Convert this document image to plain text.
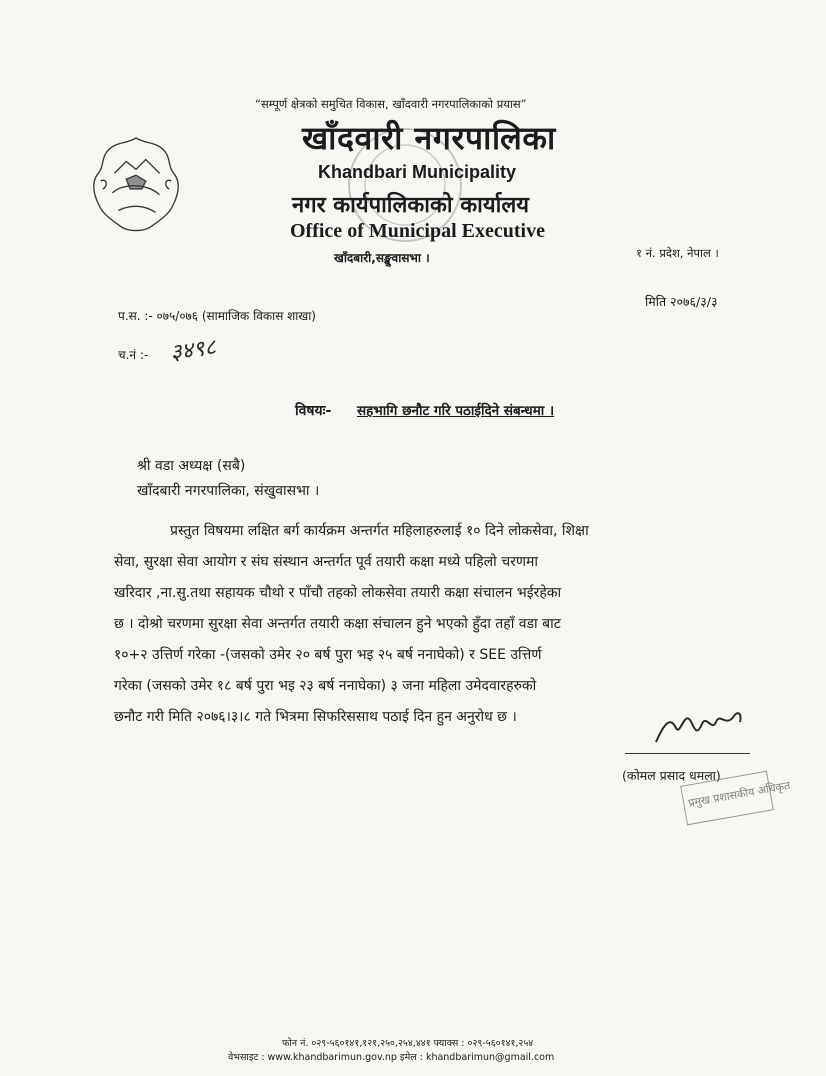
“सम्पूर्ण क्षेत्रको समुचित विकास, खाँदवारी नगरपालिकाको प्रयास”
खाँदवारी नगरपालिका
Khandbari Municipality
नगर कार्यपालिकाको कार्यालय
Office of Municipal Executive
खाँदबारी,सङ्खुवासभा ।	१ नं. प्रदेश, नेपाल ।
प.स. :- ०७५/०७६ (सामाजिक विकास शाखा)
मिति २०७६/३/३
च.नं :- ३४९८
विषयः- सहभागि छनौट गरि पठाईदिने संबन्धमा ।
श्री वडा अध्यक्ष (सबै)
खाँदबारी नगरपालिका, संखुवासभा ।
प्रस्तुत विषयमा लक्षित बर्ग कार्यक्रम अन्तर्गत महिलाहरुलाई १० दिने लोकसेवा, शिक्षा
सेवा, सुरक्षा सेवा आयोग र संघ संस्थान अन्तर्गत पूर्व तयारी कक्षा मध्ये पहिलो चरणमा
खरिदार ,ना.सु.तथा सहायक चौथो र पाँचौ तहको लोकसेवा तयारी कक्षा संचालन भईरहेका
छ । दोश्रो चरणमा सुरक्षा सेवा अन्तर्गत तयारी कक्षा संचालन हुने भएको हुँदा तहाँ वडा बाट
१०+२ उत्तिर्ण गरेका -(जसको उमेर २० बर्ष पुरा भइ २५ बर्ष ननाघेको) र SEE उत्तिर्ण
गरेका (जसको उमेर १८ बर्ष पुरा भइ २३ बर्ष ननाघेका) ३ जना महिला उमेदवारहरुको
छनौट गरी मिति २०७६।३।८ गते भित्रमा सिफरिससाथ पठाई दिन हुन अनुरोध छ ।
(कोमल प्रसाद धमला)
प्रमुख प्रशासकीय अधिकृत
फोन नं. ०२९-५६०१४१,१२१,२५०,२५४,४४१ फ्याक्स : ०२९-५६०१४१,२५४
वेभसाइट : www.khandbarimun.gov.np इमेल : khandbarimun@gmail.com
